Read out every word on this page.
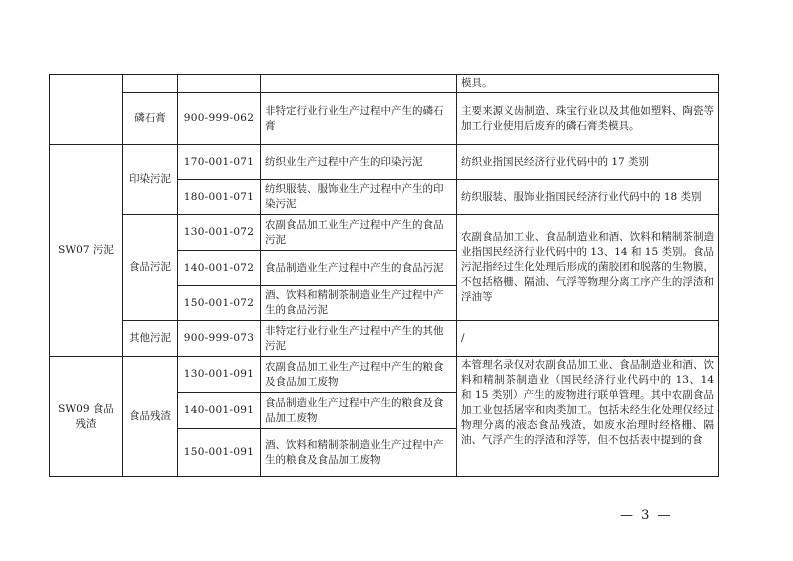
				模具。
	磷石膏	900-999-062	非特定行业行业生产过程中产生的磷石膏	主要来源义齿制造、珠宝行业以及其他如塑料、陶瓷等加工行业使用后废弃的磷石膏类模具。
SW07 污泥	印染污泥	170-001-071	纺织业生产过程中产生的印染污泥	纺织业指国民经济行业代码中的 17 类别
		180-001-071	纺织服装、服饰业生产过程中产生的印染污泥	纺织服装、服饰业指国民经济行业代码中的 18 类别
	食品污泥	130-001-072	农副食品加工业生产过程中产生的食品污泥	农副食品加工业、食品制造业和酒、饮料和精制茶制造业指国民经济行业代码中的 13、14 和 15 类别。食品污泥指经过生化处理后形成的菌胶团和脱落的生物膜，不包括格栅、隔油、气浮等物理分离工序产生的浮渣和浮油等
		140-001-072	食品制造业生产过程中产生的食品污泥	
		150-001-072	酒、饮料和精制茶制造业生产过程中产生的食品污泥	
	其他污泥	900-999-073	非特定行业行业生产过程中产生的其他污泥	/
SW09 食品残渣	食品残渣	130-001-091	农副食品加工业生产过程中产生的粮食及食品加工废物	本管理名录仅对农副食品加工业、食品制造业和酒、饮料和精制茶制造业（国民经济行业代码中的 13、14 和 15 类别）产生的废物进行联单管理。其中农副食品加工业包括屠宰和肉类加工。包括未经生化处理仅经过物理分离的液态食品残渣，如废水治理时经格栅、隔油、气浮产生的浮渣和浮等，但不包括表中提到的食
		140-001-091	食品制造业生产过程中产生的粮食及食品加工废物	
		150-001-091	酒、饮料和精制茶制造业生产过程中产生的粮食及食品加工废物	
— 3 —
